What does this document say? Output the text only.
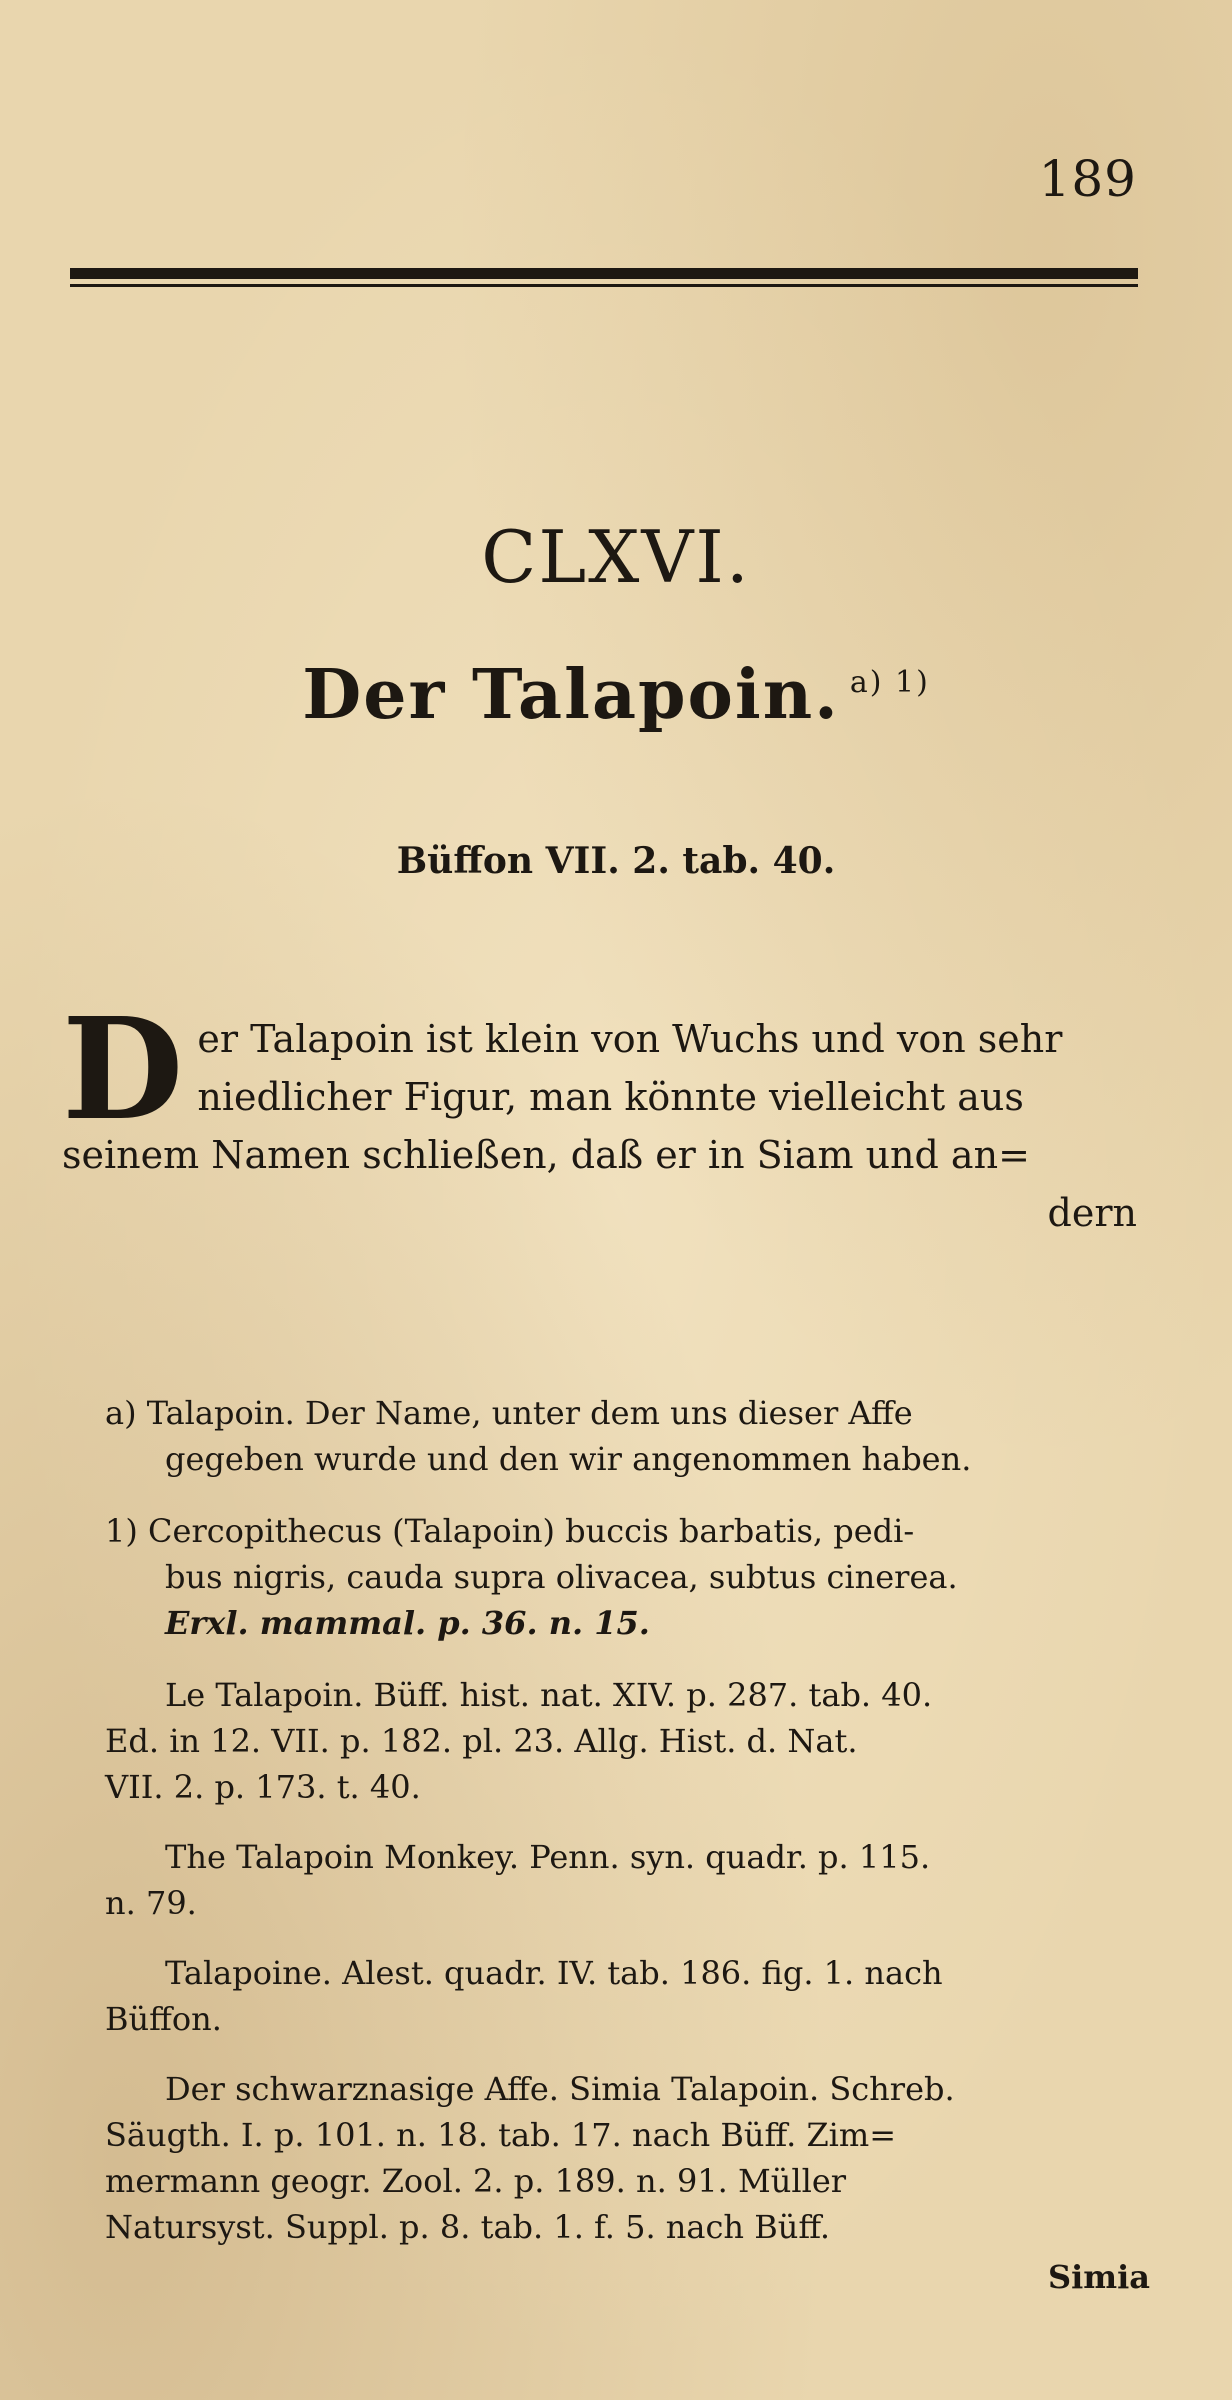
189
CLXVI.
Der Talapoin. $^{a) 1)}$
Büffon VII. 2. tab. 40.
D er Talapoin ist klein von Wuchs und von sehr
niedlicher Figur, man könnte vielleicht aus
seinem Namen schließen, daß er in Siam und an=
dern
a) Talapoin. Der Name, unter dem uns dieser Affe
gegeben wurde und den wir angenommen haben.
1) Cercopithecus (Talapoin) buccis barbatis, pedi-
bus nigris, cauda supra olivacea, subtus cinerea.
Erxl. mammal. p. 36. n. 15.
Le Talapoin. Büff. hist. nat. XIV. p. 287. tab. 40.
Ed. in 12. VII. p. 182. pl. 23. Allg. Hist. d. Nat.
VII. 2. p. 173. t. 40.
The Talapoin Monkey. Penn. syn. quadr. p. 115.
n. 79.
Talapoine. Alest. quadr. IV. tab. 186. fig. 1. nach
Büffon.
Der schwarznasige Affe. Simia Talapoin. Schreb.
Säugth. I. p. 101. n. 18. tab. 17. nach Büff. Zim=
mermann geogr. Zool. 2. p. 189. n. 91. Müller
Natursyst. Suppl. p. 8. tab. 1. f. 5. nach Büff.
Simia
